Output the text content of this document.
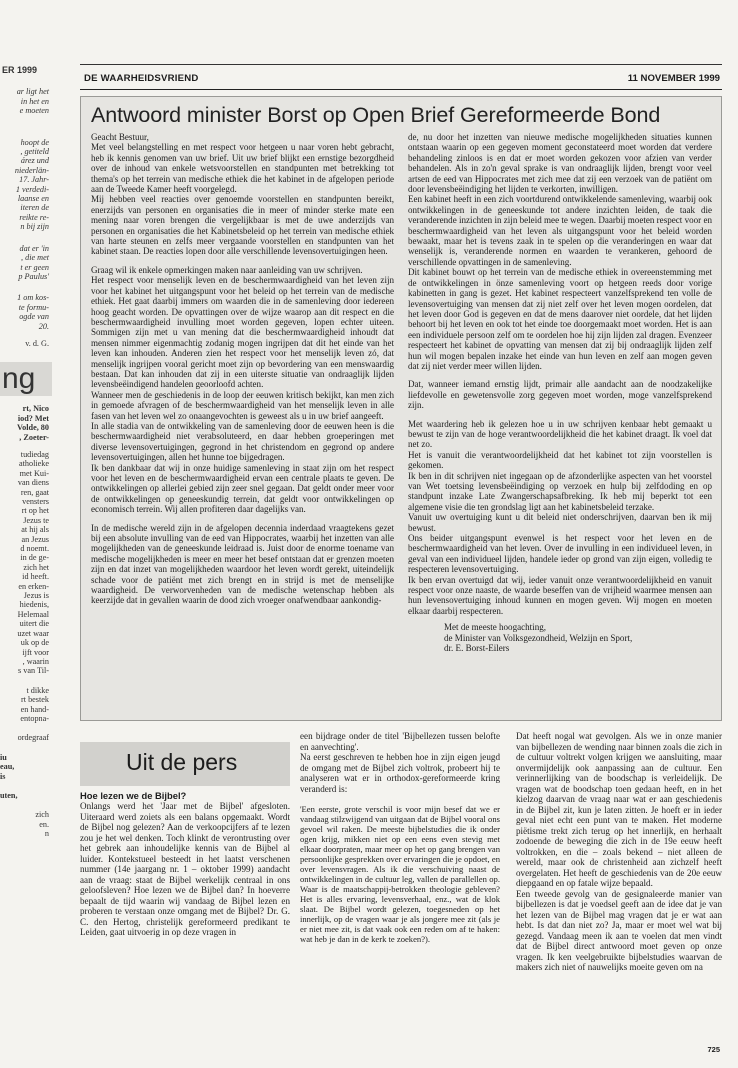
ER 1999
ar ligt het
in het en
e moeten
hoopt de
, getiteld
árez und
niederlän-
17. Jahr-
1 verdedi-
laanse en
iteren de
reikte re-
n bij zijn
dat er 'in
, die met
t er geen
p Paulus'
1 om kos-
te formu-
ogde van
20.
v. d. G.
ng
rt, Nico
iod? Met
Volde, 80
, Zoeter-
tudiedag
atholieke
met Kui-
van diens
ren, gaat
vensters
rt op het
Jezus te
at hij als
an Jezus
d noemt.
in de ge-
zich het
id heeft.
en erken-
Jezus is
hiedenis,
Helemaal
uitert die
uzet waar
uk op de
ijft voor
, waarin
s van Til-
t dikke
rt bestek
en hand-
entopna-
ordegraaf
iu
eau,
is
uten,
zich
en.
n
DE WAARHEIDSVRIEND	11 NOVEMBER 1999
Antwoord minister Borst op Open Brief Gereformeerde Bond

Geacht Bestuur,
Met veel belangstelling en met respect voor hetgeen u naar voren hebt gebracht, heb ik kennis genomen van uw brief. Uit uw brief blijkt een ernstige bezorgdheid over de inhoud van enkele wetsvoorstellen en standpunten met betrekking tot thema's op het terrein van medische ethiek die het kabinet in de afgelopen periode aan de Tweede Kamer heeft voorgelegd.
Mij hebben veel reacties over genoemde voorstellen en standpunten bereikt, enerzijds van personen en organisaties die in meer of minder sterke mate een mening naar voren brengen die vergelijkbaar is met de uwe anderzijds van personen en organisaties die het Kabinetsbeleid op het terrein van medische ethiek van harte steunen en zelfs meer vergaande voorstellen en standpunten van het kabinet staan. De reacties lopen door alle verschillende levensovertuigingen heen.

Graag wil ik enkele opmerkingen maken naar aanleiding van uw schrijven.
Het respect voor menselijk leven en de beschermwaardigheid van het leven zijn voor het kabinet het uitgangspunt voor het beleid op het terrein van de medische ethiek. Het gaat daarbij immers om waarden die in de samenleving door iedereen hoog geacht worden. De opvattingen over de wijze waarop aan dit respect en die beschermwaardigheid invulling moet worden gegeven, lopen echter uiteen. Sommigen zijn met u van mening dat die beschermwaardigheid inhoudt dat mensen nimmer eigenmachtig zodanig mogen ingrijpen dat dit het einde van het leven kan inhouden. Anderen zien het respect voor het menselijk leven zó, dat menselijk ingrijpen vooral gericht moet zijn op bevordering van een menswaardig bestaan. Dat kan inhouden dat zij in een uiterste situatie van ondraaglijk lijden levensbeëindigend handelen geoorloofd achten.
Wanneer men de geschiedenis in de loop der eeuwen kritisch bekijkt, kan men zich in gemoede afvragen of de beschermwaardigheid van het menselijk leven in alle fasen van het leven wel zo onaangevochten is geweest als u in uw brief aangeeft.
In alle stadia van de ontwikkeling van de samenleving door de eeuwen heen is die beschermwaardigheid niet verabsoluteerd, en daar hebben groeperingen met diverse levensovertuigingen, gegrond in het christendom en gegrond op andere levensovertuigingen, allen het hunne toe bijgedragen.
Ik ben dankbaar dat wij in onze huidige samenleving in staat zijn om het respect voor het leven en de beschermwaardigheid ervan een centrale plaats te geven. De ontwikkelingen op allerlei gebied zijn zeer snel gegaan. Dat geldt onder meer voor de ontwikkelingen op geneeskundig terrein, dat geldt voor ontwikkelingen op economisch terrein. Wij allen profiteren daar dagelijks van.

In de medische wereld zijn in de afgelopen decennia inderdaad vraagtekens gezet bij een absolute invulling van de eed van Hippocrates, waarbij het inzetten van alle mogelijkheden van de geneeskunde leidraad is. Juist door de enorme toename van medische mogelijkheden is meer en meer het besef ontstaan dat er grenzen moeten zijn en dat inzet van mogelijkheden waardoor het leven wordt gerekt, uiteindelijk schade voor de patiënt met zich brengt en in strijd is met de menselijke waardigheid. De verworvenheden van de medische wetenschap hebben als keerzijde dat in gevallen waarin de dood zich vroeger onafwendbaar aankondig-

de, nu door het inzetten van nieuwe medische mogelijkheden situaties kunnen ontstaan waarin op een gegeven moment geconstateerd moet worden dat verdere behandeling zinloos is en dat er moet worden gekozen voor afzien van verder behandelen. Als in zo'n geval sprake is van ondraaglijk lijden, brengt voor veel artsen de eed van Hippocrates met zich mee dat zij een verzoek van de patiënt om door levensbeëindiging het lijden te verkorten, inwilligen.
Een kabinet heeft in een zich voortdurend ontwikkelende samenleving, waarbij ook ontwikkelingen in de geneeskunde tot andere inzichten leiden, de taak die veranderende inzichten in zijn beleid mee te wegen. Daarbij moeten respect voor en beschermwaardigheid van het leven als uitgangspunt voor het beleid worden bewaakt, maar het is tevens zaak in te spelen op die veranderingen en waar dat wenselijk is, veranderende normen en waarden te verankeren, gehoord de verschillende opvattingen in de samenleving.
Dit kabinet bouwt op het terrein van de medische ethiek in overeenstemming met de ontwikkelingen in önze samenleving voort op hetgeen reeds door vorige kabinetten in gang is gezet. Het kabinet respecteert vanzelfsprekend ten volle de levensovertuiging van mensen dat zij niet zelf over het leven mogen oordelen, dat het leven door God is gegeven en dat de mens daarover niet oordele, dat het lijden behoort bij het leven en ook tot het einde toe doorgemaakt moet worden. Het is aan een individuele persoon zelf om te oordelen hoe hij zijn lijden zal dragen. Evenzeer respecteert het kabinet de opvatting van mensen dat zij bij ondraaglijk lijden zelf hun wil mogen bepalen inzake het einde van hun leven en zelf aan mogen geven dat zij niet verder meer willen lijden.

Dat, wanneer iemand ernstig lijdt, primair alle aandacht aan de noodzakelijke liefdevolle en gewetensvolle zorg gegeven moet worden, moge vanzelfsprekend zijn.

Met waardering heb ik gelezen hoe u in uw schrijven kenbaar hebt gemaakt u bewust te zijn van de hoge verantwoordelijkheid die het kabinet draagt. Ik voel dat net zo.
Het is vanuit die verantwoordelijkheid dat het kabinet tot zijn voorstellen is gekomen.
Ik ben in dit schrijven niet ingegaan op de afzonderlijke aspecten van het voorstel van Wet toetsing levensbeëindiging op verzoek en hulp bij zelfdoding en op standpunt inzake Late Zwangerschapsafbreking. Ik heb mij beperkt tot een algemene visie die ten grondslag ligt aan het kabinetsbeleid terzake.
Vanuit uw overtuiging kunt u dit beleid niet onderschrijven, daarvan ben ik mij bewust.
Ons beider uitgangspunt evenwel is het respect voor het leven en de beschermwaardigheid van het leven. Over de invulling in een individueel leven, in geval van een individueel lijden, handele ieder op grond van zijn eigen, volledig te respecteren levensovertuiging.
Ik ben ervan overtuigd dat wij, ieder vanuit onze verantwoordelijkheid en vanuit respect voor onze naaste, de waarde beseffen van de vrijheid waarmee mensen aan hun levensovertuiging inhoud kunnen en mogen geven. Wij mogen en moeten elkaar daarbij respecteren.

Met de meeste hoogachting,
de Minister van Volksgezondheid, Welzijn en Sport,
dr. E. Borst-Eilers
Uit de pers
Hoe lezen we de Bijbel?

Onlangs werd het 'Jaar met de Bijbel' afgesloten. Uiteraard werd zoiets als een balans opgemaakt. Wordt de Bijbel nog gelezen? Aan de verkoopcijfers af te lezen zou je het wel denken. Toch klinkt de verontrusting over het gebrek aan inhoudelijke kennis van de Bijbel al luider. Kontekstueel besteedt in het laatst verschenen nummer (14e jaargang nr. 1 – oktober 1999) aandacht aan de vraag: staat de Bijbel werkelijk centraal in ons geloofsleven? Hoe lezen we de Bijbel dan? In hoeverre bepaalt de tijd waarin wij vandaag de Bijbel lezen en proberen te verstaan onze omgang met de Bijbel? Dr. G. C. den Hertog, christelijk gereformeerd predikant te Leiden, gaat uitvoerig in op deze vragen in

een bijdrage onder de titel 'Bijbellezen tussen belofte en aanvechting'.
Na eerst geschreven te hebben hoe in zijn eigen jeugd de omgang met de Bijbel zich voltrok, probeert hij te analyseren wat er in orthodox-gereformeerde kring veranderd is:

'Een eerste, grote verschil is voor mijn besef dat we er vandaag stilzwijgend van uitgaan dat de Bijbel vooral ons gevoel wil raken. De meeste bijbelstudies die ik onder ogen krijg, mikken niet op een eens even stevig met elkaar doorpraten, maar meer op het op gang brengen van persoonlijke gesprekken over ervaringen die je opdoet, en over levensvragen. Als ik die verschuiving naast de ontwikkelingen in de cultuur leg, vallen de parallellen op. Waar is de maatschappij-betrokken theologie gebleven? Het is alles ervaring, levensverhaal, enz., wat de klok slaat. De Bijbel wordt gelezen, toegesneden op het innerlijk, op de vragen waar je als jongere mee zit (als je er niet mee zit, is dat vaak ook een reden om af te haken: wat heb je dan in de kerk te zoeken?).

Dat heeft nogal wat gevolgen. Als we in onze manier van bijbellezen de wending naar binnen zoals die zich in de cultuur voltrekt volgen krijgen we aansluiting, maar onvermijdelijk ook aanpassing aan de cultuur. Een verinnerlijking van de boodschap is verleidelijk. De vragen wat de boodschap toen gedaan heeft, en in het kielzog daarvan de vraag naar wat er aan geschiedenis in de Bijbel zit, kun je laten zitten. Je hoeft er in ieder geval niet echt een punt van te maken. Het moderne piëtisme trekt zich terug op het innerlijk, en herhaalt zodoende de beweging die zich in de 19e eeuw heeft voltrokken, en die – zoals bekend – niet alleen de wereld, maar ook de christenheid aan zichzelf heeft overgelaten. Het heeft de geschiedenis van de 20e eeuw diepgaand en op fatale wijze bepaald.
Een tweede gevolg van de gesignaleerde manier van bijbellezen is dat je voedsel geeft aan de idee dat je van het lezen van de Bijbel mag vragen dat je er wat aan hebt. Is dat dan niet zo? Ja, maar er moet wel wat bij gezegd. Vandaag meen ik aan te voelen dat men vindt dat de Bijbel direct antwoord moet geven op onze vragen. Ik ken veelgebruikte bijbelstudies waarvan de makers zich niet of nauwelijks moeite geven om na

725
